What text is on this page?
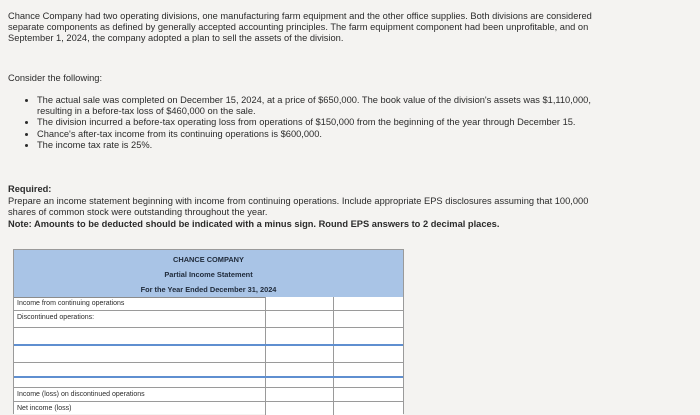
Chance Company had two operating divisions, one manufacturing farm equipment and the other office supplies. Both divisions are considered separate components as defined by generally accepted accounting principles. The farm equipment component had been unprofitable, and on September 1, 2024, the company adopted a plan to sell the assets of the division.

Consider the following:

• The actual sale was completed on December 15, 2024, at a price of $650,000. The book value of the division's assets was $1,110,000, resulting in a before-tax loss of $460,000 on the sale.
• The division incurred a before-tax operating loss from operations of $150,000 from the beginning of the year through December 15.
• Chance's after-tax income from its continuing operations is $600,000.
• The income tax rate is 25%.

Required:

Prepare an income statement beginning with income from continuing operations. Include appropriate EPS disclosures assuming that 100,000 shares of common stock were outstanding throughout the year.

Note: Amounts to be deducted should be indicated with a minus sign. Round EPS answers to 2 decimal places.

CHANCE COMPANY
Partial Income Statement
For the Year Ended December 31, 2024
Income from continuing operations
Discontinued operations:
Income (loss) on discontinued operations
Net income (loss)
